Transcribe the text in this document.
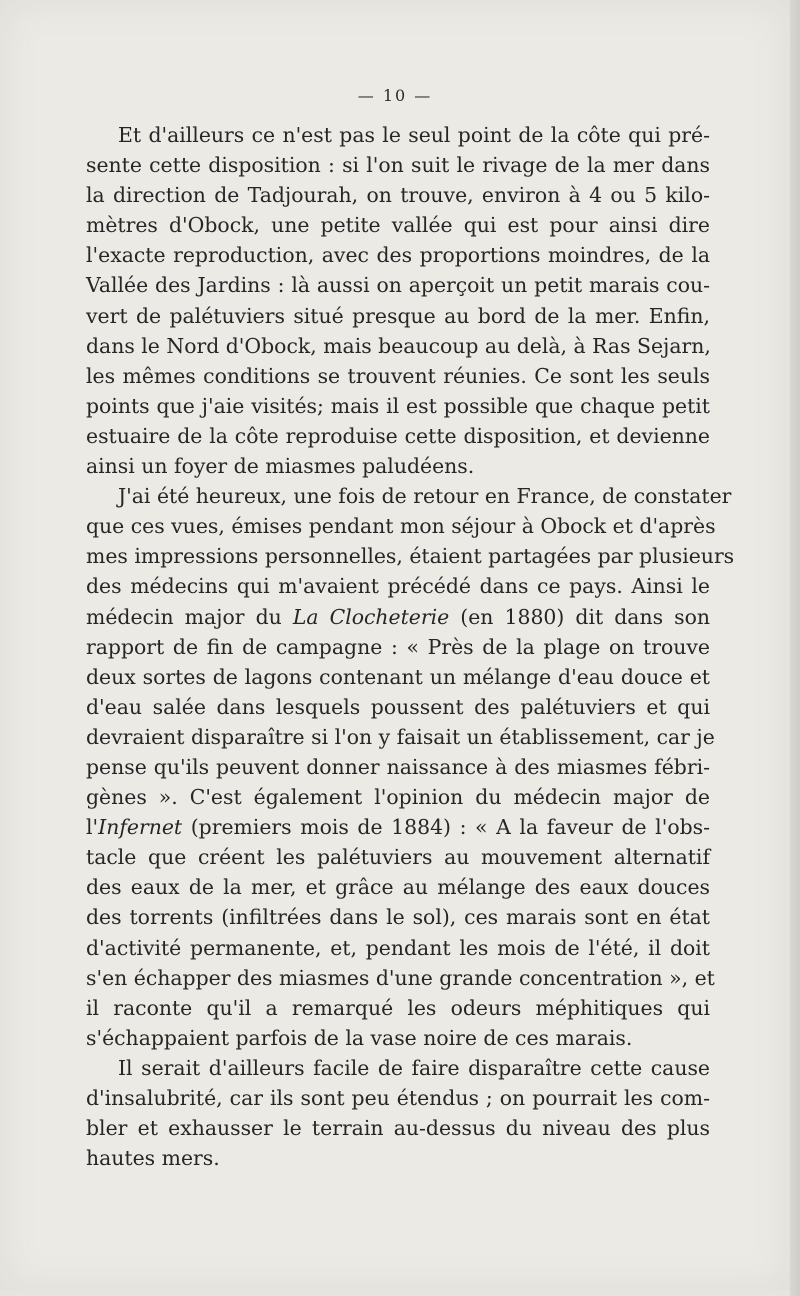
— 10 —
Et d'ailleurs ce n'est pas le seul point de la côte qui pré-
sente cette disposition : si l'on suit le rivage de la mer dans
la direction de Tadjourah, on trouve, environ à 4 ou 5 kilo-
mètres d'Obock, une petite vallée qui est pour ainsi dire
l'exacte reproduction, avec des proportions moindres, de la
Vallée des Jardins : là aussi on aperçoit un petit marais cou-
vert de palétuviers situé presque au bord de la mer. Enfin,
dans le Nord d'Obock, mais beaucoup au delà, à Ras Sejarn,
les mêmes conditions se trouvent réunies. Ce sont les seuls
points que j'aie visités; mais il est possible que chaque petit
estuaire de la côte reproduise cette disposition, et devienne
ainsi un foyer de miasmes paludéens.
J'ai été heureux, une fois de retour en France, de constater
que ces vues, émises pendant mon séjour à Obock et d'après
mes impressions personnelles, étaient partagées par plusieurs
des médecins qui m'avaient précédé dans ce pays. Ainsi le
médecin major du La Clocheterie (en 1880) dit dans son
rapport de fin de campagne : « Près de la plage on trouve
deux sortes de lagons contenant un mélange d'eau douce et
d'eau salée dans lesquels poussent des palétuviers et qui
devraient disparaître si l'on y faisait un établissement, car je
pense qu'ils peuvent donner naissance à des miasmes fébri-
gènes ». C'est également l'opinion du médecin major de
l'Infernet (premiers mois de 1884) : « A la faveur de l'obs-
tacle que créent les palétuviers au mouvement alternatif
des eaux de la mer, et grâce au mélange des eaux douces
des torrents (infiltrées dans le sol), ces marais sont en état
d'activité permanente, et, pendant les mois de l'été, il doit
s'en échapper des miasmes d'une grande concentration », et
il raconte qu'il a remarqué les odeurs méphitiques qui
s'échappaient parfois de la vase noire de ces marais.
Il serait d'ailleurs facile de faire disparaître cette cause
d'insalubrité, car ils sont peu étendus ; on pourrait les com-
bler et exhausser le terrain au-dessus du niveau des plus
hautes mers.
